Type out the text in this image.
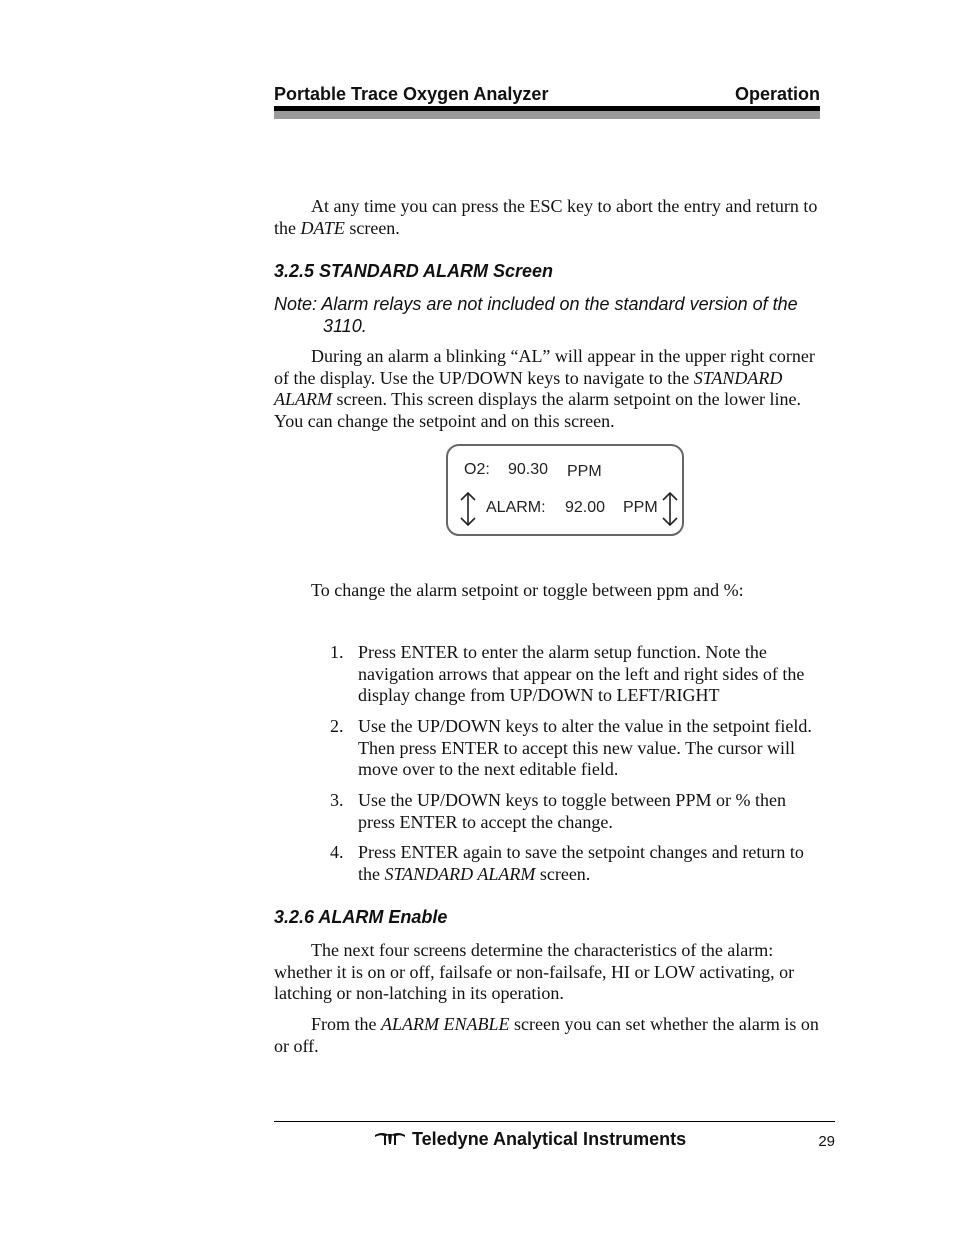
Portable Trace Oxygen Analyzer	Operation

At any time you can press the ESC key to abort the entry and return to the DATE screen.

3.2.5 STANDARD ALARM Screen
Note: Alarm relays are not included on the standard version of the 3110.

During an alarm a blinking “AL” will appear in the upper right corner of the display. Use the UP/DOWN keys to navigate to the STANDARD ALARM screen. This screen displays the alarm setpoint on the lower line. You can change the setpoint and on this screen.

O2: 90.30 PPM
ALARM: 92.00 PPM
To change the alarm setpoint or toggle between ppm and %:
1. Press ENTER to enter the alarm setup function. Note the navigation arrows that appear on the left and right sides of the display change from UP/DOWN to LEFT/RIGHT
2. Use the UP/DOWN keys to alter the value in the setpoint field. Then press ENTER to accept this new value. The cursor will move over to the next editable field.
3. Use the UP/DOWN keys to toggle between PPM or % then press ENTER to accept the change.
4. Press ENTER again to save the setpoint changes and return to the STANDARD ALARM screen.
3.2.6 ALARM Enable

The next four screens determine the characteristics of the alarm: whether it is on or off, failsafe or non-failsafe, HI or LOW activating, or latching or non-latching in its operation.

From the ALARM ENABLE screen you can set whether the alarm is on or off.

Teledyne Analytical Instruments	29
